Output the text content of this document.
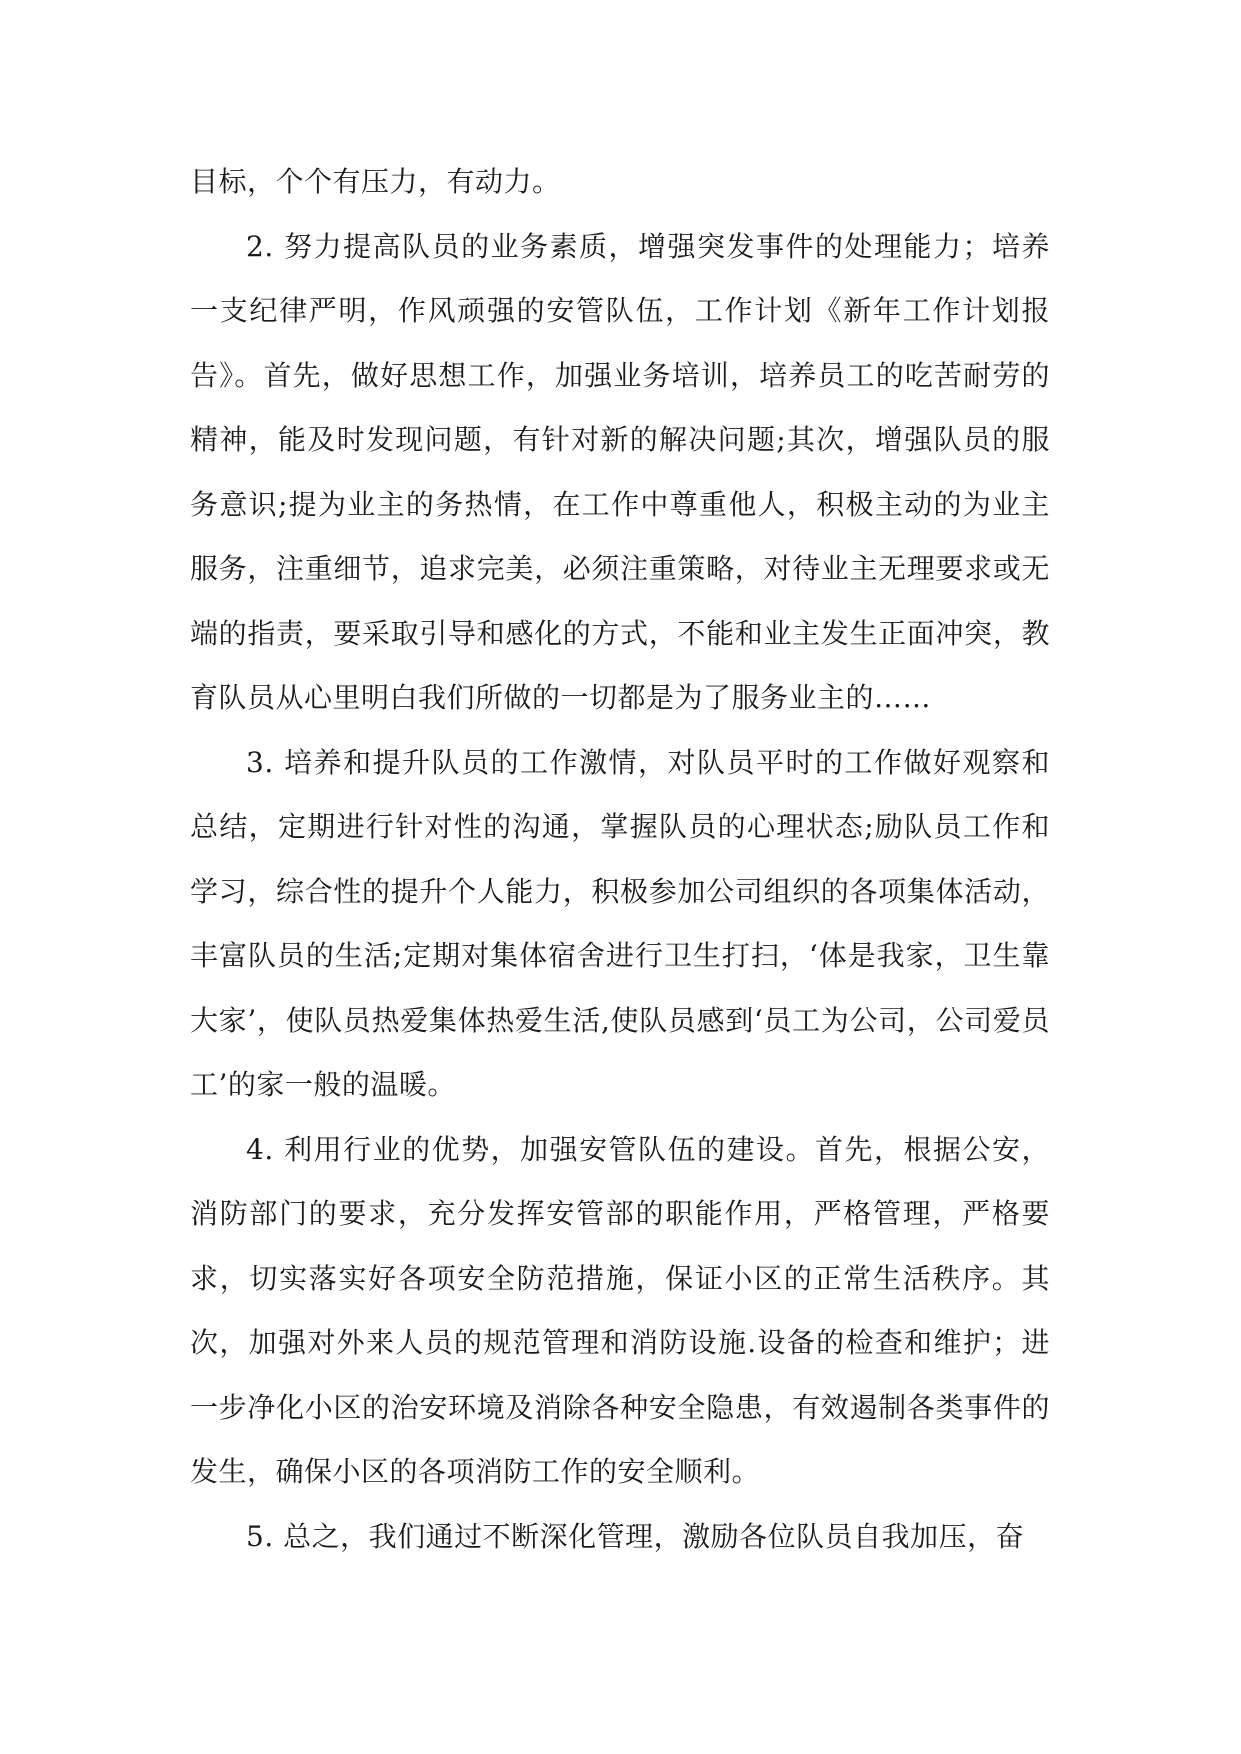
目标，个个有压力，有动力。

2. 努力提高队员的业务素质，增强突发事件的处理能力；培养一支纪律严明，作风顽强的安管队伍，工作计划《新年工作计划报告》。首先，做好思想工作，加强业务培训，培养员工的吃苦耐劳的精神，能及时发现问题，有针对新的解决问题;其次，增强队员的服务意识;提为业主的务热情，在工作中尊重他人，积极主动的为业主服务，注重细节，追求完美，必须注重策略，对待业主无理要求或无端的指责，要采取引导和感化的方式，不能和业主发生正面冲突，教育队员从心里明白我们所做的一切都是为了服务业主的……

3. 培养和提升队员的工作激情，对队员平时的工作做好观察和总结，定期进行针对性的沟通，掌握队员的心理状态;励队员工作和学习，综合性的提升个人能力，积极参加公司组织的各项集体活动，丰富队员的生活;定期对集体宿舍进行卫生打扫，‘体是我家，卫生靠大家’，使队员热爱集体热爱生活,使队员感到‘员工为公司，公司爱员工’的家一般的温暖。

4. 利用行业的优势，加强安管队伍的建设。首先，根据公安，消防部门的要求，充分发挥安管部的职能作用，严格管理，严格要求，切实落实好各项安全防范措施，保证小区的正常生活秩序。其次，加强对外来人员的规范管理和消防设施.设备的检查和维护；进一步净化小区的治安环境及消除各种安全隐患，有效遏制各类事件的发生，确保小区的各项消防工作的安全顺利。

5. 总之，我们通过不断深化管理，激励各位队员自我加压，奋
